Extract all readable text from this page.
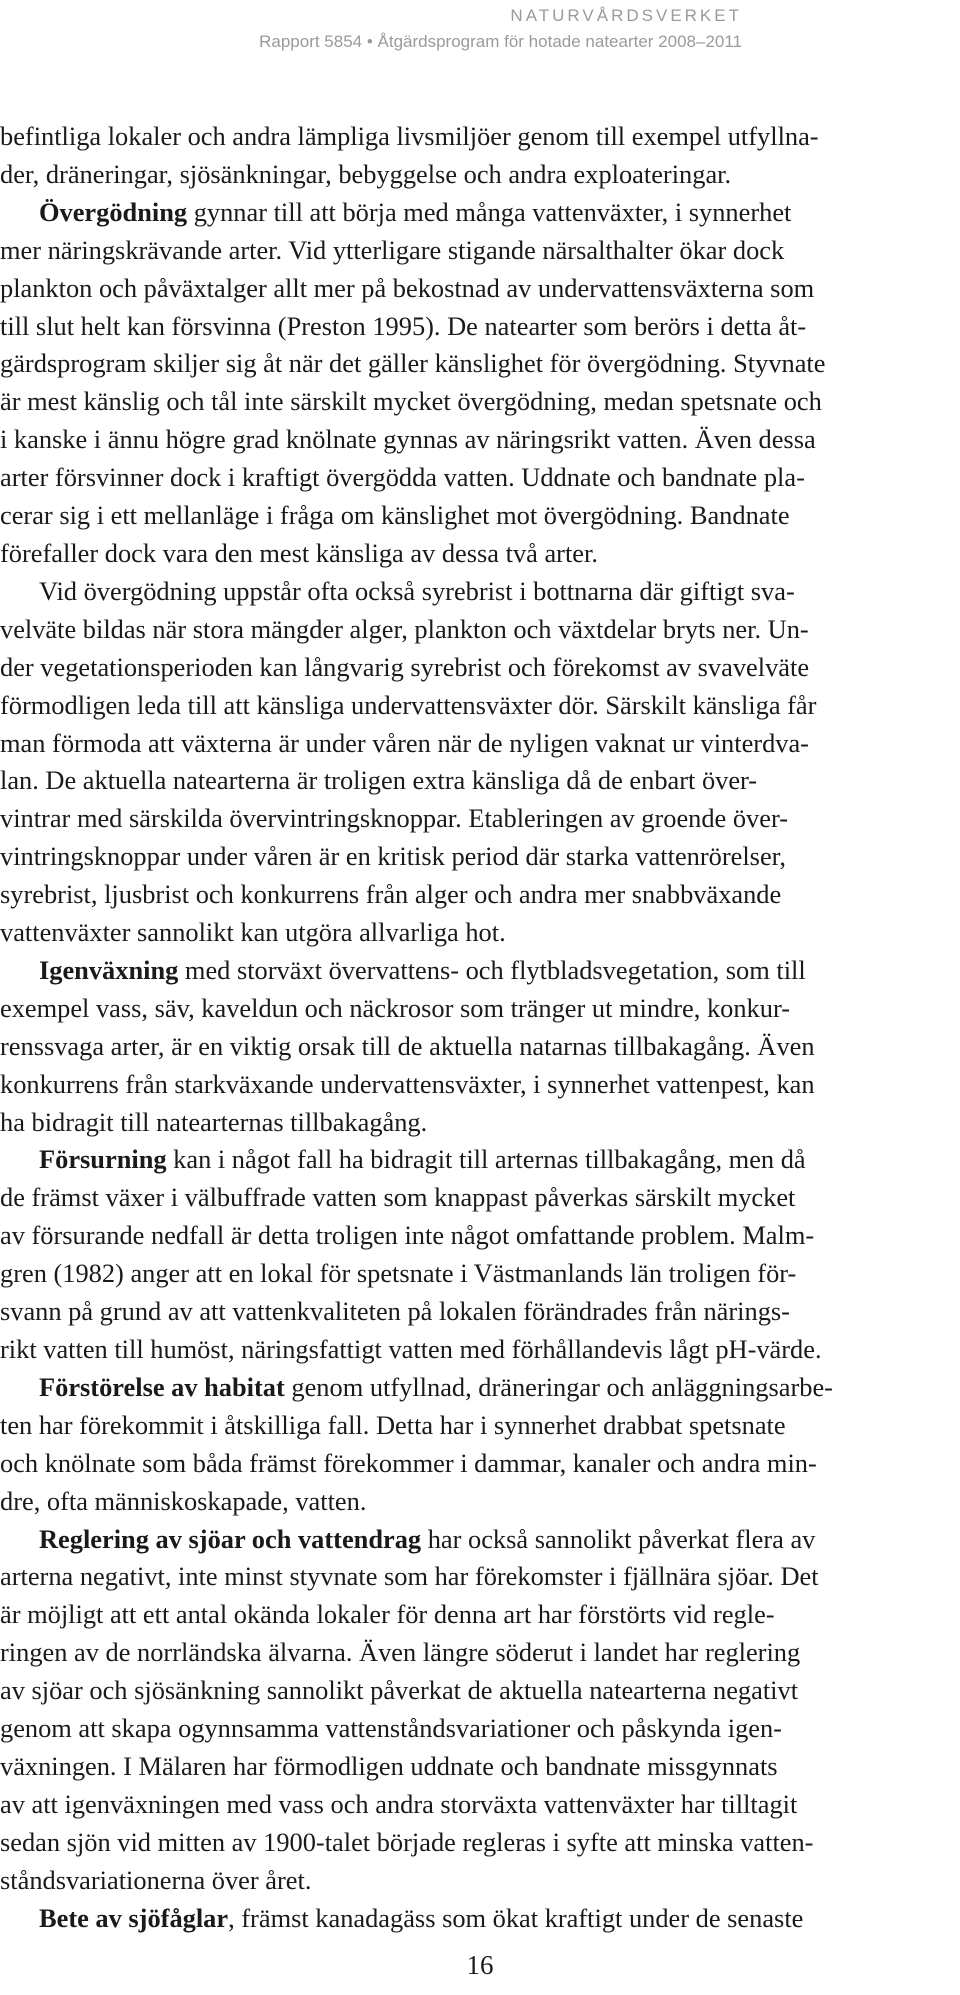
NATURVÅRDSVERKET
Rapport 5854 • Åtgärdsprogram för hotade natearter 2008–2011
befintliga lokaler och andra lämpliga livsmiljöer genom till exempel utfyllna-
der, dräneringar, sjösänkningar, bebyggelse och andra exploateringar.
Övergödning gynnar till att börja med många vattenväxter, i synnerhet
mer näringskrävande arter. Vid ytterligare stigande närsalthalter ökar dock
plankton och påväxtalger allt mer på bekostnad av undervattensväxterna som
till slut helt kan försvinna (Preston 1995). De natearter som berörs i detta åt-
gärdsprogram skiljer sig åt när det gäller känslighet för övergödning. Styvnate
är mest känslig och tål inte särskilt mycket övergödning, medan spetsnate och
i kanske i ännu högre grad knölnate gynnas av näringsrikt vatten. Även dessa
arter försvinner dock i kraftigt övergödda vatten. Uddnate och bandnate pla-
cerar sig i ett mellanläge i fråga om känslighet mot övergödning. Bandnate
förefaller dock vara den mest känsliga av dessa två arter.
Vid övergödning uppstår ofta också syrebrist i bottnarna där giftigt sva-
velväte bildas när stora mängder alger, plankton och växtdelar bryts ner. Un-
der vegetationsperioden kan långvarig syrebrist och förekomst av svavelväte
förmodligen leda till att känsliga undervattensväxter dör. Särskilt känsliga får
man förmoda att växterna är under våren när de nyligen vaknat ur vinterdva-
lan. De aktuella natearterna är troligen extra känsliga då de enbart över-
vintrar med särskilda övervintringsknoppar. Etableringen av groende över-
vintringsknoppar under våren är en kritisk period där starka vattenrörelser,
syrebrist, ljusbrist och konkurrens från alger och andra mer snabbväxande
vattenväxter sannolikt kan utgöra allvarliga hot.
Igenväxning med storväxt övervattens- och flytbladsvegetation, som till
exempel vass, säv, kaveldun och näckrosor som tränger ut mindre, konkur-
renssvaga arter, är en viktig orsak till de aktuella natarnas tillbakagång. Även
konkurrens från starkväxande undervattensväxter, i synnerhet vattenpest, kan
ha bidragit till natearternas tillbakagång.
Försurning kan i något fall ha bidragit till arternas tillbakagång, men då
de främst växer i välbuffrade vatten som knappast påverkas särskilt mycket
av försurande nedfall är detta troligen inte något omfattande problem. Malm-
gren (1982) anger att en lokal för spetsnate i Västmanlands län troligen för-
svann på grund av att vattenkvaliteten på lokalen förändrades från närings-
rikt vatten till humöst, näringsfattigt vatten med förhållandevis lågt pH-värde.
Förstörelse av habitat genom utfyllnad, dräneringar och anläggningsarbe-
ten har förekommit i åtskilliga fall. Detta har i synnerhet drabbat spetsnate
och knölnate som båda främst förekommer i dammar, kanaler och andra min-
dre, ofta människoskapade, vatten.
Reglering av sjöar och vattendrag har också sannolikt påverkat flera av
arterna negativt, inte minst styvnate som har förekomster i fjällnära sjöar. Det
är möjligt att ett antal okända lokaler för denna art har förstörts vid regle-
ringen av de norrländska älvarna. Även längre söderut i landet har reglering
av sjöar och sjösänkning sannolikt påverkat de aktuella natearterna negativt
genom att skapa ogynnsamma vattenståndsvariationer och påskynda igen-
växningen. I Mälaren har förmodligen uddnate och bandnate missgynnats
av att igenväxningen med vass och andra storväxta vattenväxter har tilltagit
sedan sjön vid mitten av 1900-talet började regleras i syfte att minska vatten-
ståndsvariationerna över året.
Bete av sjöfåglar, främst kanadagäss som ökat kraftigt under de senaste
16
